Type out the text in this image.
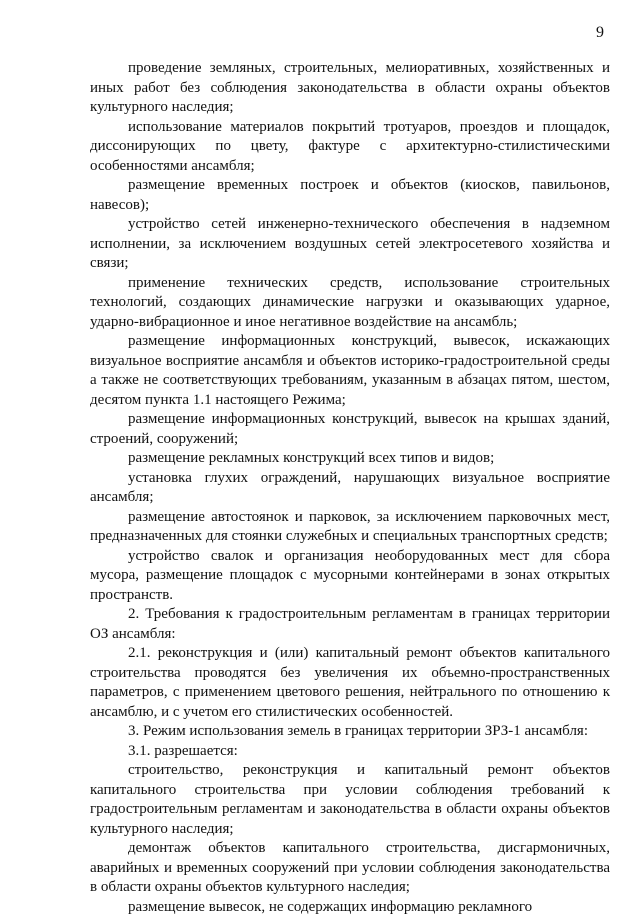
9

проведение земляных, строительных, мелиоративных, хозяйственных и иных работ без соблюдения законодательства в области охраны объектов культурного наследия;

использование материалов покрытий тротуаров, проездов и площадок, диссонирующих по цвету, фактуре с архитектурно-стилистическими особенностями ансамбля;

размещение временных построек и объектов (киосков, павильонов, навесов);

устройство сетей инженерно-технического обеспечения в надземном исполнении, за исключением воздушных сетей электросетевого хозяйства и связи;

применение технических средств, использование строительных технологий, создающих динамические нагрузки и оказывающих ударное, ударно-вибрационное и иное негативное воздействие на ансамбль;

размещение информационных конструкций, вывесок, искажающих визуальное восприятие ансамбля и объектов историко-градостроительной среды а также не соответствующих требованиям, указанным в абзацах пятом, шестом, десятом пункта 1.1 настоящего Режима;

размещение информационных конструкций, вывесок на крышах зданий, строений, сооружений;

размещение рекламных конструкций всех типов и видов;

установка глухих ограждений, нарушающих визуальное восприятие ансамбля;

размещение автостоянок и парковок, за исключением парковочных мест, предназначенных для стоянки служебных и специальных транспортных средств;

устройство свалок и организация необорудованных мест для сбора мусора, размещение площадок с мусорными контейнерами в зонах открытых пространств.

2. Требования к градостроительным регламентам в границах территории ОЗ ансамбля:

2.1. реконструкция и (или) капитальный ремонт объектов капитального строительства проводятся без увеличения их объемно-пространственных параметров, с применением цветового решения, нейтрального по отношению к ансамблю, и с учетом его стилистических особенностей.

3. Режим использования земель в границах территории ЗРЗ-1 ансамбля:

3.1. разрешается:

строительство, реконструкция и капитальный ремонт объектов капитального строительства при условии соблюдения требований к градостроительным регламентам и законодательства в области охраны объектов культурного наследия;

демонтаж объектов капитального строительства, дисгармоничных, аварийных и временных сооружений при условии соблюдения законодательства в области охраны объектов культурного наследия;

размещение вывесок, не содержащих информацию рекламного
